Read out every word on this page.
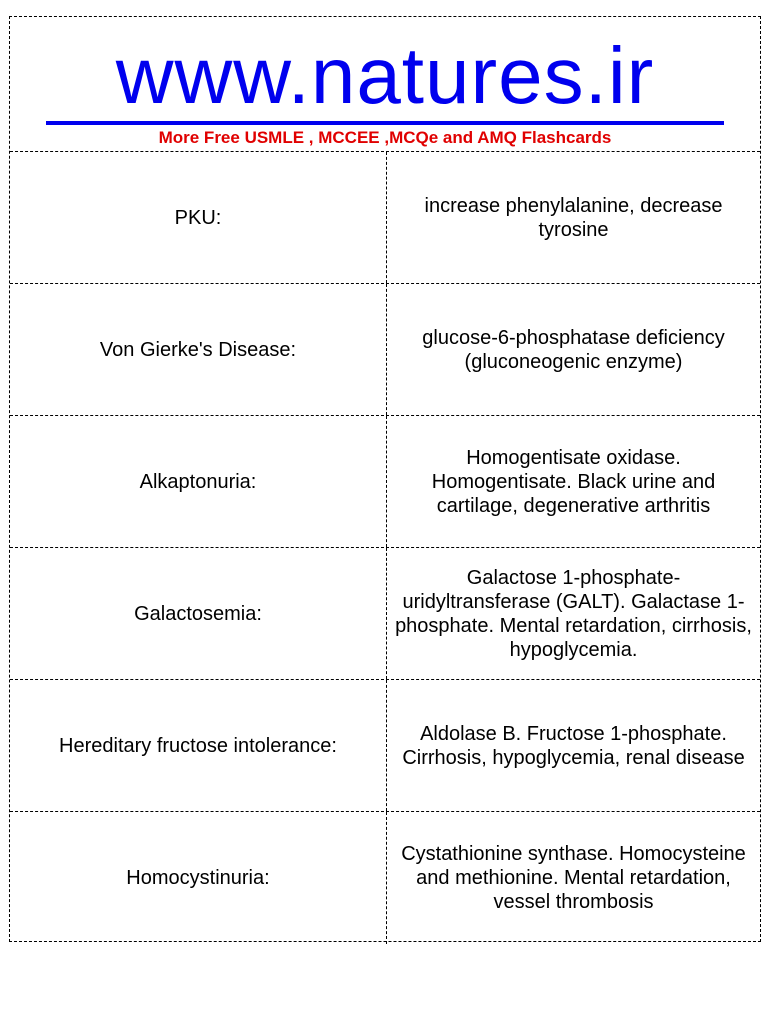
www.natures.ir
More Free USMLE , MCCEE ,MCQe and AMQ Flashcards
PKU:
increase phenylalanine, decrease tyrosine
Von Gierke's Disease:
glucose-6-phosphatase deficiency (gluconeogenic enzyme)
Alkaptonuria:
Homogentisate oxidase. Homogentisate. Black urine and cartilage, degenerative arthritis
Galactosemia:
Galactose 1-phosphate-uridyltransferase (GALT). Galactase 1-phosphate. Mental retardation, cirrhosis, hypoglycemia.
Hereditary fructose intolerance:
Aldolase B. Fructose 1-phosphate. Cirrhosis, hypoglycemia, renal disease
Homocystinuria:
Cystathionine synthase. Homocysteine and methionine. Mental retardation, vessel thrombosis
